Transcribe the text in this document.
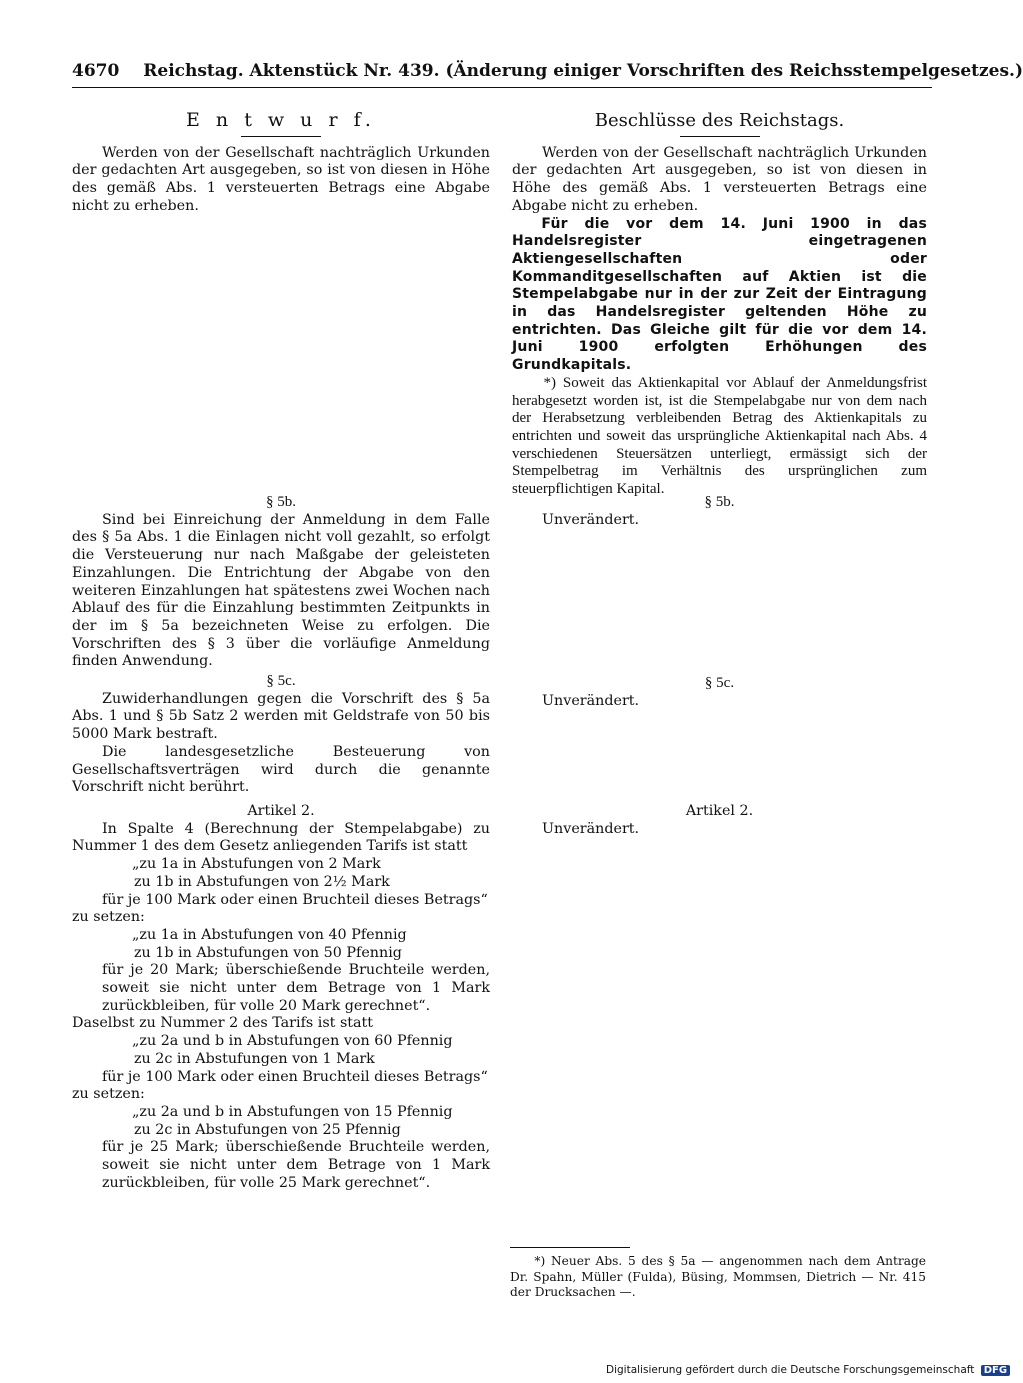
4670 Reichstag. Aktenstück Nr. 439. (Änderung einiger Vorschriften des Reichsstempelgesetzes.)
E n t w u r f.

Werden von der Gesellschaft nachträglich Urkunden der gedachten Art ausgegeben, so ist von diesen in Höhe des gemäß Abs. 1 versteuerten Betrags eine Abgabe nicht zu erheben.

§ 5b.

Sind bei Einreichung der Anmeldung in dem Falle des § 5a Abs. 1 die Einlagen nicht voll gezahlt, so erfolgt die Versteuerung nur nach Maßgabe der geleisteten Einzahlungen. Die Entrichtung der Abgabe von den weiteren Einzahlungen hat spätestens zwei Wochen nach Ablauf des für die Einzahlung bestimmten Zeitpunkts in der im § 5a bezeichneten Weise zu erfolgen. Die Vorschriften des § 3 über die vorläufige Anmeldung finden Anwendung.

§ 5c.

Zuwiderhandlungen gegen die Vorschrift des § 5a Abs. 1 und § 5b Satz 2 werden mit Geldstrafe von 50 bis 5000 Mark bestraft.

Die landesgesetzliche Besteuerung von Gesellschaftsverträgen wird durch die genannte Vorschrift nicht berührt.

Artikel 2.

In Spalte 4 (Berechnung der Stempelabgabe) zu Nummer 1 des dem Gesetz anliegenden Tarifs ist statt

„zu 1a in Abstufungen von 2 Mark

zu 1b in Abstufungen von 2½ Mark

für je 100 Mark oder einen Bruchteil dieses Betrags“

zu setzen:

„zu 1a in Abstufungen von 40 Pfennig

zu 1b in Abstufungen von 50 Pfennig

für je 20 Mark; überschießende Bruchteile werden, soweit sie nicht unter dem Betrage von 1 Mark zurückbleiben, für volle 20 Mark gerechnet“.

Daselbst zu Nummer 2 des Tarifs ist statt

„zu 2a und b in Abstufungen von 60 Pfennig

zu 2c in Abstufungen von 1 Mark

für je 100 Mark oder einen Bruchteil dieses Betrags“

zu setzen:

„zu 2a und b in Abstufungen von 15 Pfennig

zu 2c in Abstufungen von 25 Pfennig

für je 25 Mark; überschießende Bruchteile werden, soweit sie nicht unter dem Betrage von 1 Mark zurückbleiben, für volle 25 Mark gerechnet“.

Beschlüsse des Reichstags.

Werden von der Gesellschaft nachträglich Urkunden der gedachten Art ausgegeben, so ist von diesen in Höhe des gemäß Abs. 1 versteuerten Betrags eine Abgabe nicht zu erheben.

Für die vor dem 14. Juni 1900 in das Handelsregister eingetragenen Aktiengesellschaften oder Kommanditgesellschaften auf Aktien ist die Stempelabgabe nur in der zur Zeit der Eintragung in das Handelsregister geltenden Höhe zu entrichten. Das Gleiche gilt für die vor dem 14. Juni 1900 erfolgten Erhöhungen des Grundkapitals.

*) Soweit das Aktienkapital vor Ablauf der Anmeldungsfrist herabgesetzt worden ist, ist die Stempelabgabe nur von dem nach der Herabsetzung verbleibenden Betrag des Aktienkapitals zu entrichten und soweit das ursprüngliche Aktienkapital nach Abs. 4 verschiedenen Steuersätzen unterliegt, ermässigt sich der Stempelbetrag im Verhältnis des ursprünglichen zum steuerpflichtigen Kapital.

§ 5b.

Unverändert.

§ 5c.

Unverändert.

Artikel 2.

Unverändert.

*) Neuer Abs. 5 des § 5a — angenommen nach dem Antrage Dr. Spahn, Müller (Fulda), Büsing, Mommsen, Dietrich — Nr. 415 der Drucksachen —.
Digitalisierung gefördert durch die Deutsche Forschungsgemeinschaft DFG
